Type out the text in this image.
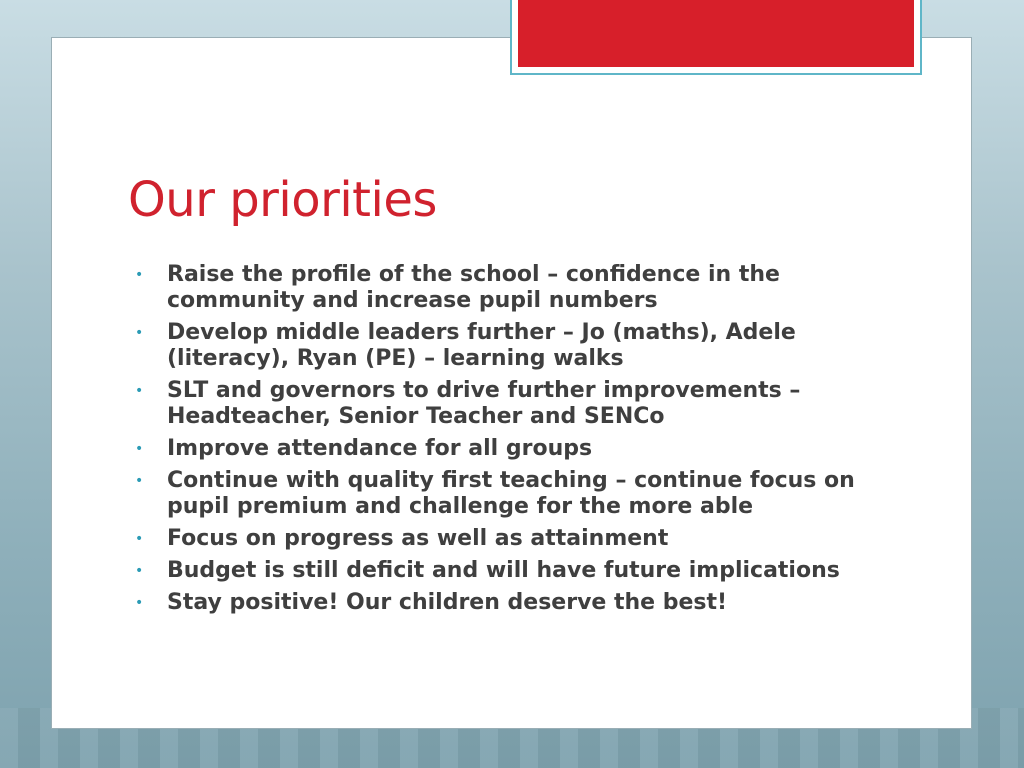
Our priorities
• Raise the profile of the school – confidence in the community and increase pupil numbers
• Develop middle leaders further – Jo (maths), Adele (literacy), Ryan (PE) – learning walks
• SLT and governors to drive further improvements – Headteacher, Senior Teacher and SENCo
• Improve attendance for all groups
• Continue with quality first teaching – continue focus on pupil premium and challenge for the more able
• Focus on progress as well as attainment
• Budget is still deficit and will have future implications
• Stay positive! Our children deserve the best!
